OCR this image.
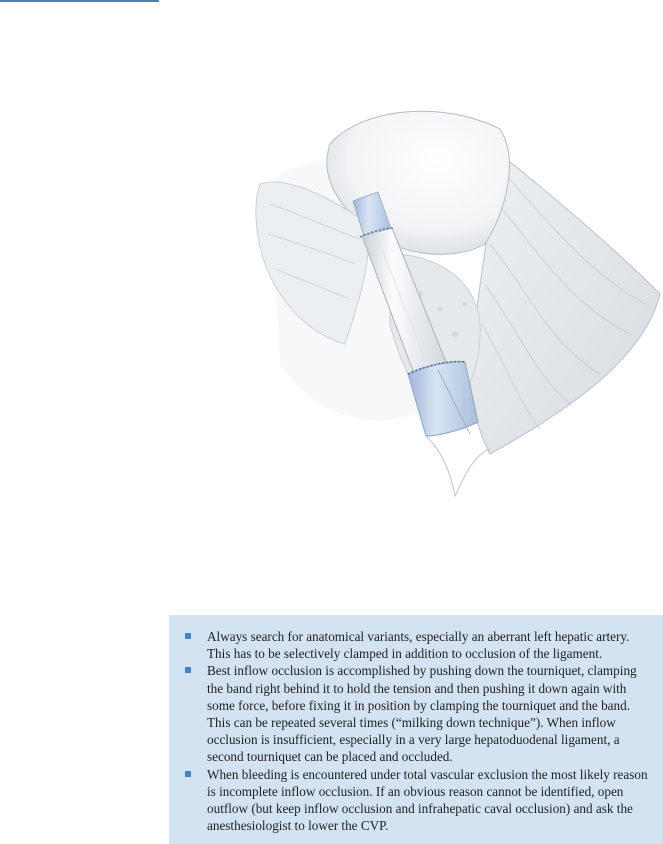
Always search for anatomical variants, especially an aberrant left hepatic artery. This has to be selectively clamped in addition to occlusion of the ligament.
Best inflow occlusion is accomplished by pushing down the tourniquet, clamping the band right behind it to hold the tension and then pushing it down again with some force, before fixing it in position by clamping the tourniquet and the band. This can be repeated several times (“milking down technique”). When inflow occlusion is insufficient, especially in a very large hepatoduodenal ligament, a second tourniquet can be placed and occluded.
When bleeding is encountered under total vascular exclusion the most likely reason is incomplete inflow occlusion. If an obvious reason cannot be identified, open outflow (but keep inflow occlusion and infrahepatic caval occlusion) and ask the anesthesiologist to lower the CVP.
